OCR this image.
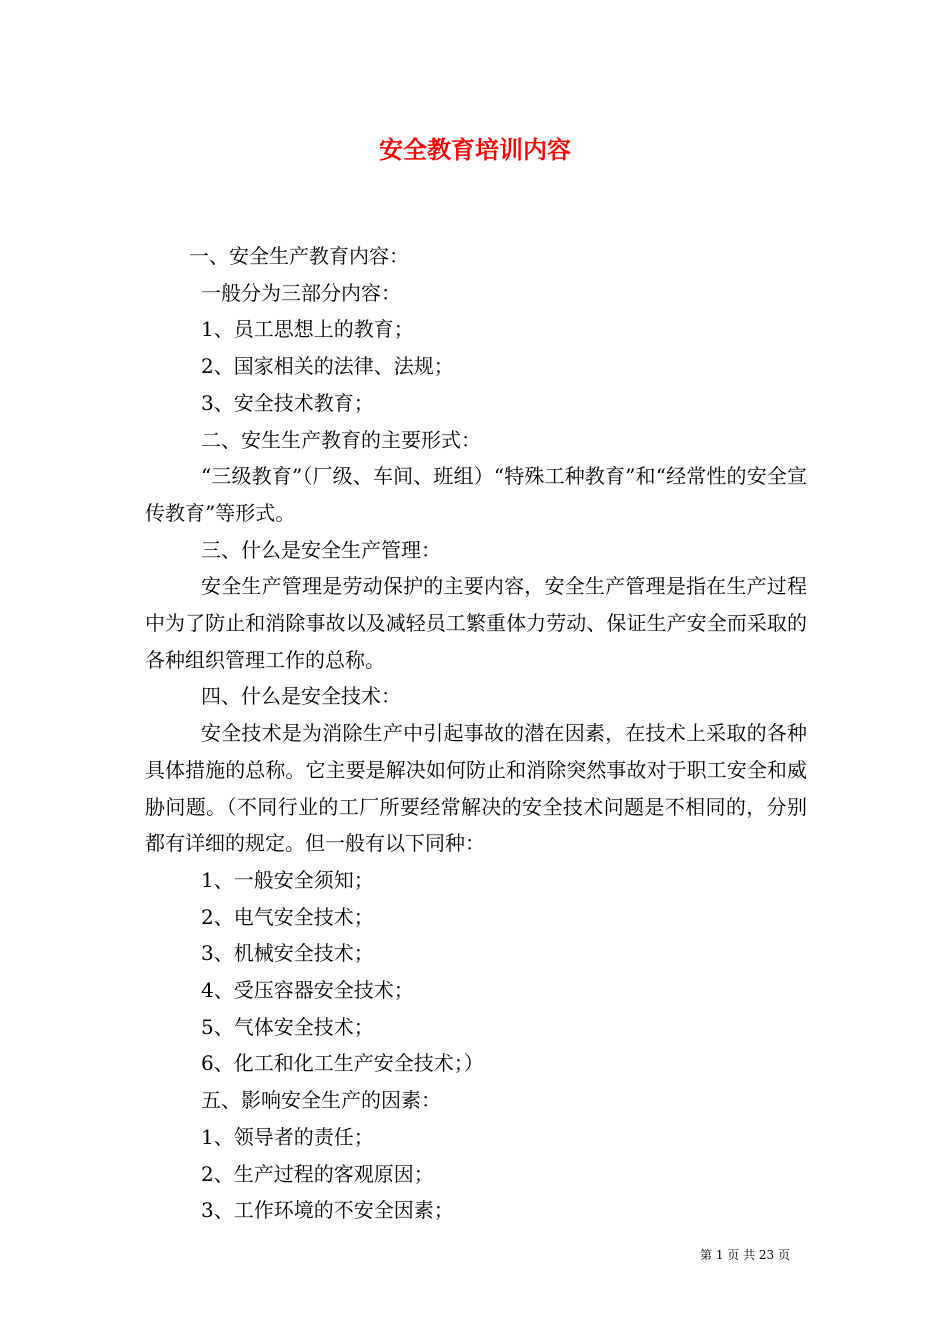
安全教育培训内容
一、安全生产教育内容：
一般分为三部分内容：
1、员工思想上的教育；
2、国家相关的法律、法规；
3、安全技术教育；
二、安生生产教育的主要形式：
“三级教育”（厂级、车间、班组）“特殊工种教育”和“经常性的安全宣传教育”等形式。
三、什么是安全生产管理：
安全生产管理是劳动保护的主要内容，安全生产管理是指在生产过程中为了防止和消除事故以及减轻员工繁重体力劳动、保证生产安全而采取的各种组织管理工作的总称。
四、什么是安全技术：
安全技术是为消除生产中引起事故的潜在因素，在技术上采取的各种具体措施的总称。它主要是解决如何防止和消除突然事故对于职工安全和威胁问题。（不同行业的工厂所要经常解决的安全技术问题是不相同的，分别都有详细的规定。但一般有以下同种：
1、一般安全须知；
2、电气安全技术；
3、机械安全技术；
4、受压容器安全技术；
5、气体安全技术；
6、化工和化工生产安全技术；）
五、影响安全生产的因素：
1、领导者的责任；
2、生产过程的客观原因；
3、工作环境的不安全因素；
第 1 页 共 23 页
